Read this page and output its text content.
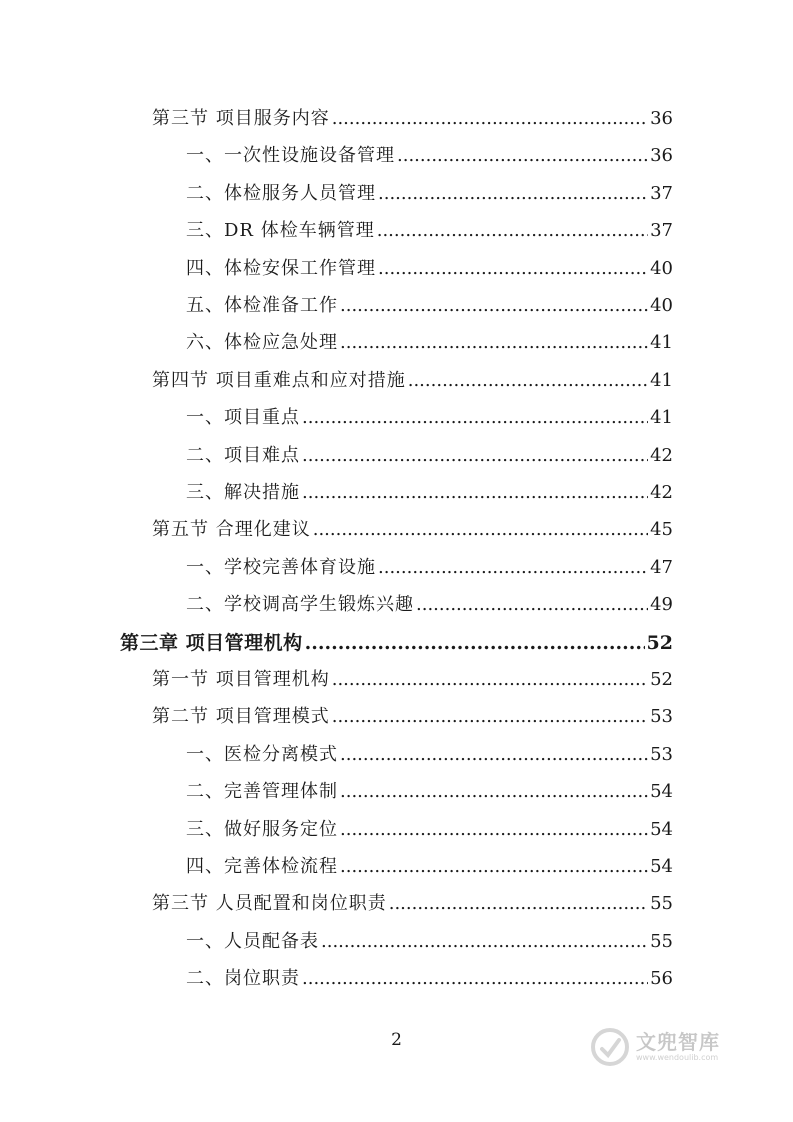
第三节 项目服务内容 .....	36
一、一次性设施设备管理 .....	36
二、体检服务人员管理 .....	37
三、DR 体检车辆管理 .....	37
四、体检安保工作管理 .....	40
五、体检准备工作 .....	40
六、体检应急处理 .....	41
第四节 项目重难点和应对措施 .....	41
一、项目重点 .....	41
二、项目难点 .....	42
三、解决措施 .....	42
第五节 合理化建议 .....	45
一、学校完善体育设施 .....	47
二、学校调高学生锻炼兴趣 .....	49
第三章 项目管理机构 .....	52
第一节 项目管理机构 .....	52
第二节 项目管理模式 .....	53
一、医检分离模式 .....	53
二、完善管理体制 .....	54
三、做好服务定位 .....	54
四、完善体检流程 .....	54
第三节 人员配置和岗位职责 .....	55
一、人员配备表 .....	55
二、岗位职责 .....	56
2	文兜智库
www.wendoulib.com
